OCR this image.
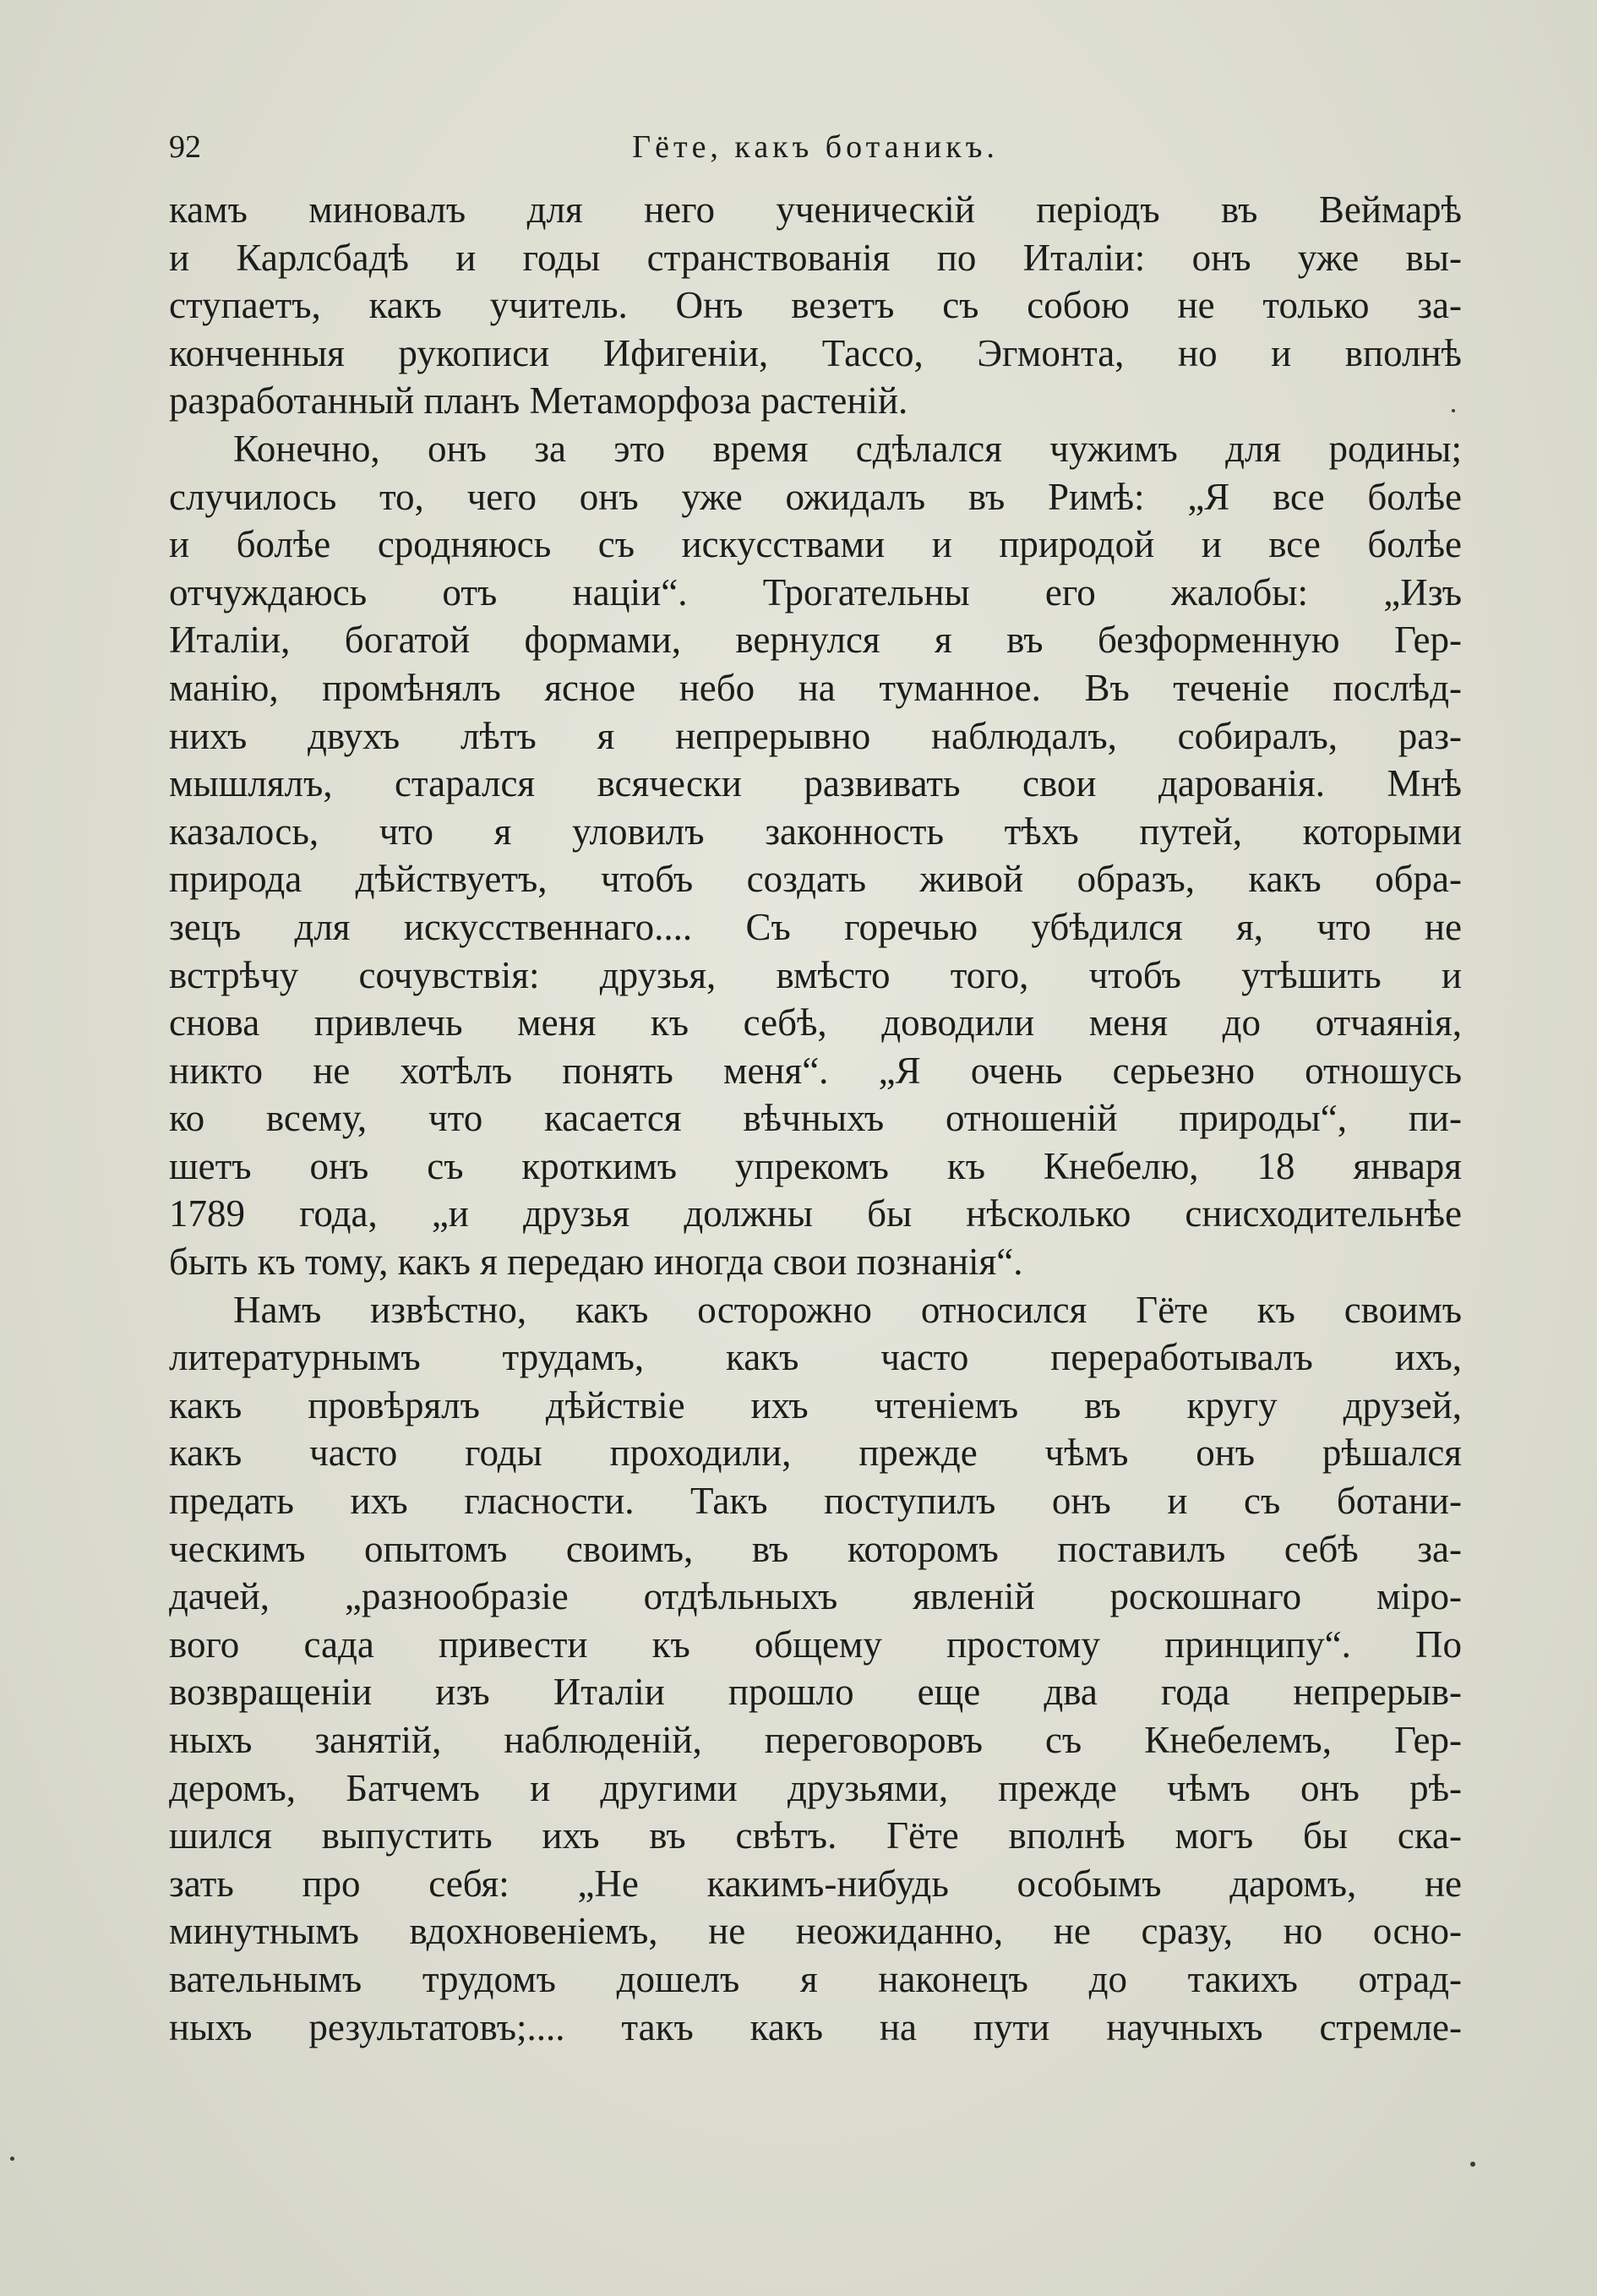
92	Гёте, какъ ботаникъ.
камъ миновалъ для него ученическій періодъ въ Веймарѣ
и Карлсбадѣ и годы странствованія по Италіи: онъ уже вы-
ступаетъ, какъ учитель. Онъ везетъ съ собою не только за-
конченныя рукописи Ифигеніи, Тассо, Эгмонта, но и вполнѣ
разработанный планъ Метаморфоза растеній.
Конечно, онъ за это время сдѣлался чужимъ для родины;
случилось то, чего онъ уже ожидалъ въ Римѣ: „Я все болѣе
и болѣе сродняюсь съ искусствами и природой и все болѣе
отчуждаюсь отъ націи“. Трогательны его жалобы: „Изъ
Италіи, богатой формами, вернулся я въ безформенную Гер-
манію, промѣнялъ ясное небо на туманное. Въ теченіе послѣд-
нихъ двухъ лѣтъ я непрерывно наблюдалъ, собиралъ, раз-
мышлялъ, старался всячески развивать свои дарованія. Мнѣ
казалось, что я уловилъ законность тѣхъ путей, которыми
природа дѣйствуетъ, чтобъ создать живой образъ, какъ обра-
зецъ для искусственнаго.... Съ горечью убѣдился я, что не
встрѣчу сочувствія: друзья, вмѣсто того, чтобъ утѣшить и
снова привлечь меня къ себѣ, доводили меня до отчаянія,
никто не хотѣлъ понять меня“. „Я очень серьезно отношусь
ко всему, что касается вѣчныхъ отношеній природы“, пи-
шетъ онъ съ кроткимъ упрекомъ къ Кнебелю, 18 января
1789 года, „и друзья должны бы нѣсколько снисходительнѣе
быть къ тому, какъ я передаю иногда свои познанія“.
Намъ извѣстно, какъ осторожно относился Гёте къ своимъ
литературнымъ трудамъ, какъ часто переработывалъ ихъ,
какъ провѣрялъ дѣйствіе ихъ чтеніемъ въ кругу друзей,
какъ часто годы проходили, прежде чѣмъ онъ рѣшался
предать ихъ гласности. Такъ поступилъ онъ и съ ботани-
ческимъ опытомъ своимъ, въ которомъ поставилъ себѣ за-
дачей, „разнообразіе отдѣльныхъ явленій роскошнаго міро-
вого сада привести къ общему простому принципу“. По
возвращеніи изъ Италіи прошло еще два года непрерыв-
ныхъ занятій, наблюденій, переговоровъ съ Кнебелемъ, Гер-
деромъ, Батчемъ и другими друзьями, прежде чѣмъ онъ рѣ-
шился выпустить ихъ въ свѣтъ. Гёте вполнѣ могъ бы ска-
зать про себя: „Не какимъ-нибудь особымъ даромъ, не
минутнымъ вдохновеніемъ, не неожиданно, не сразу, но осно-
вательнымъ трудомъ дошелъ я наконецъ до такихъ отрад-
ныхъ результатовъ;.... такъ какъ на пути научныхъ стремле-
